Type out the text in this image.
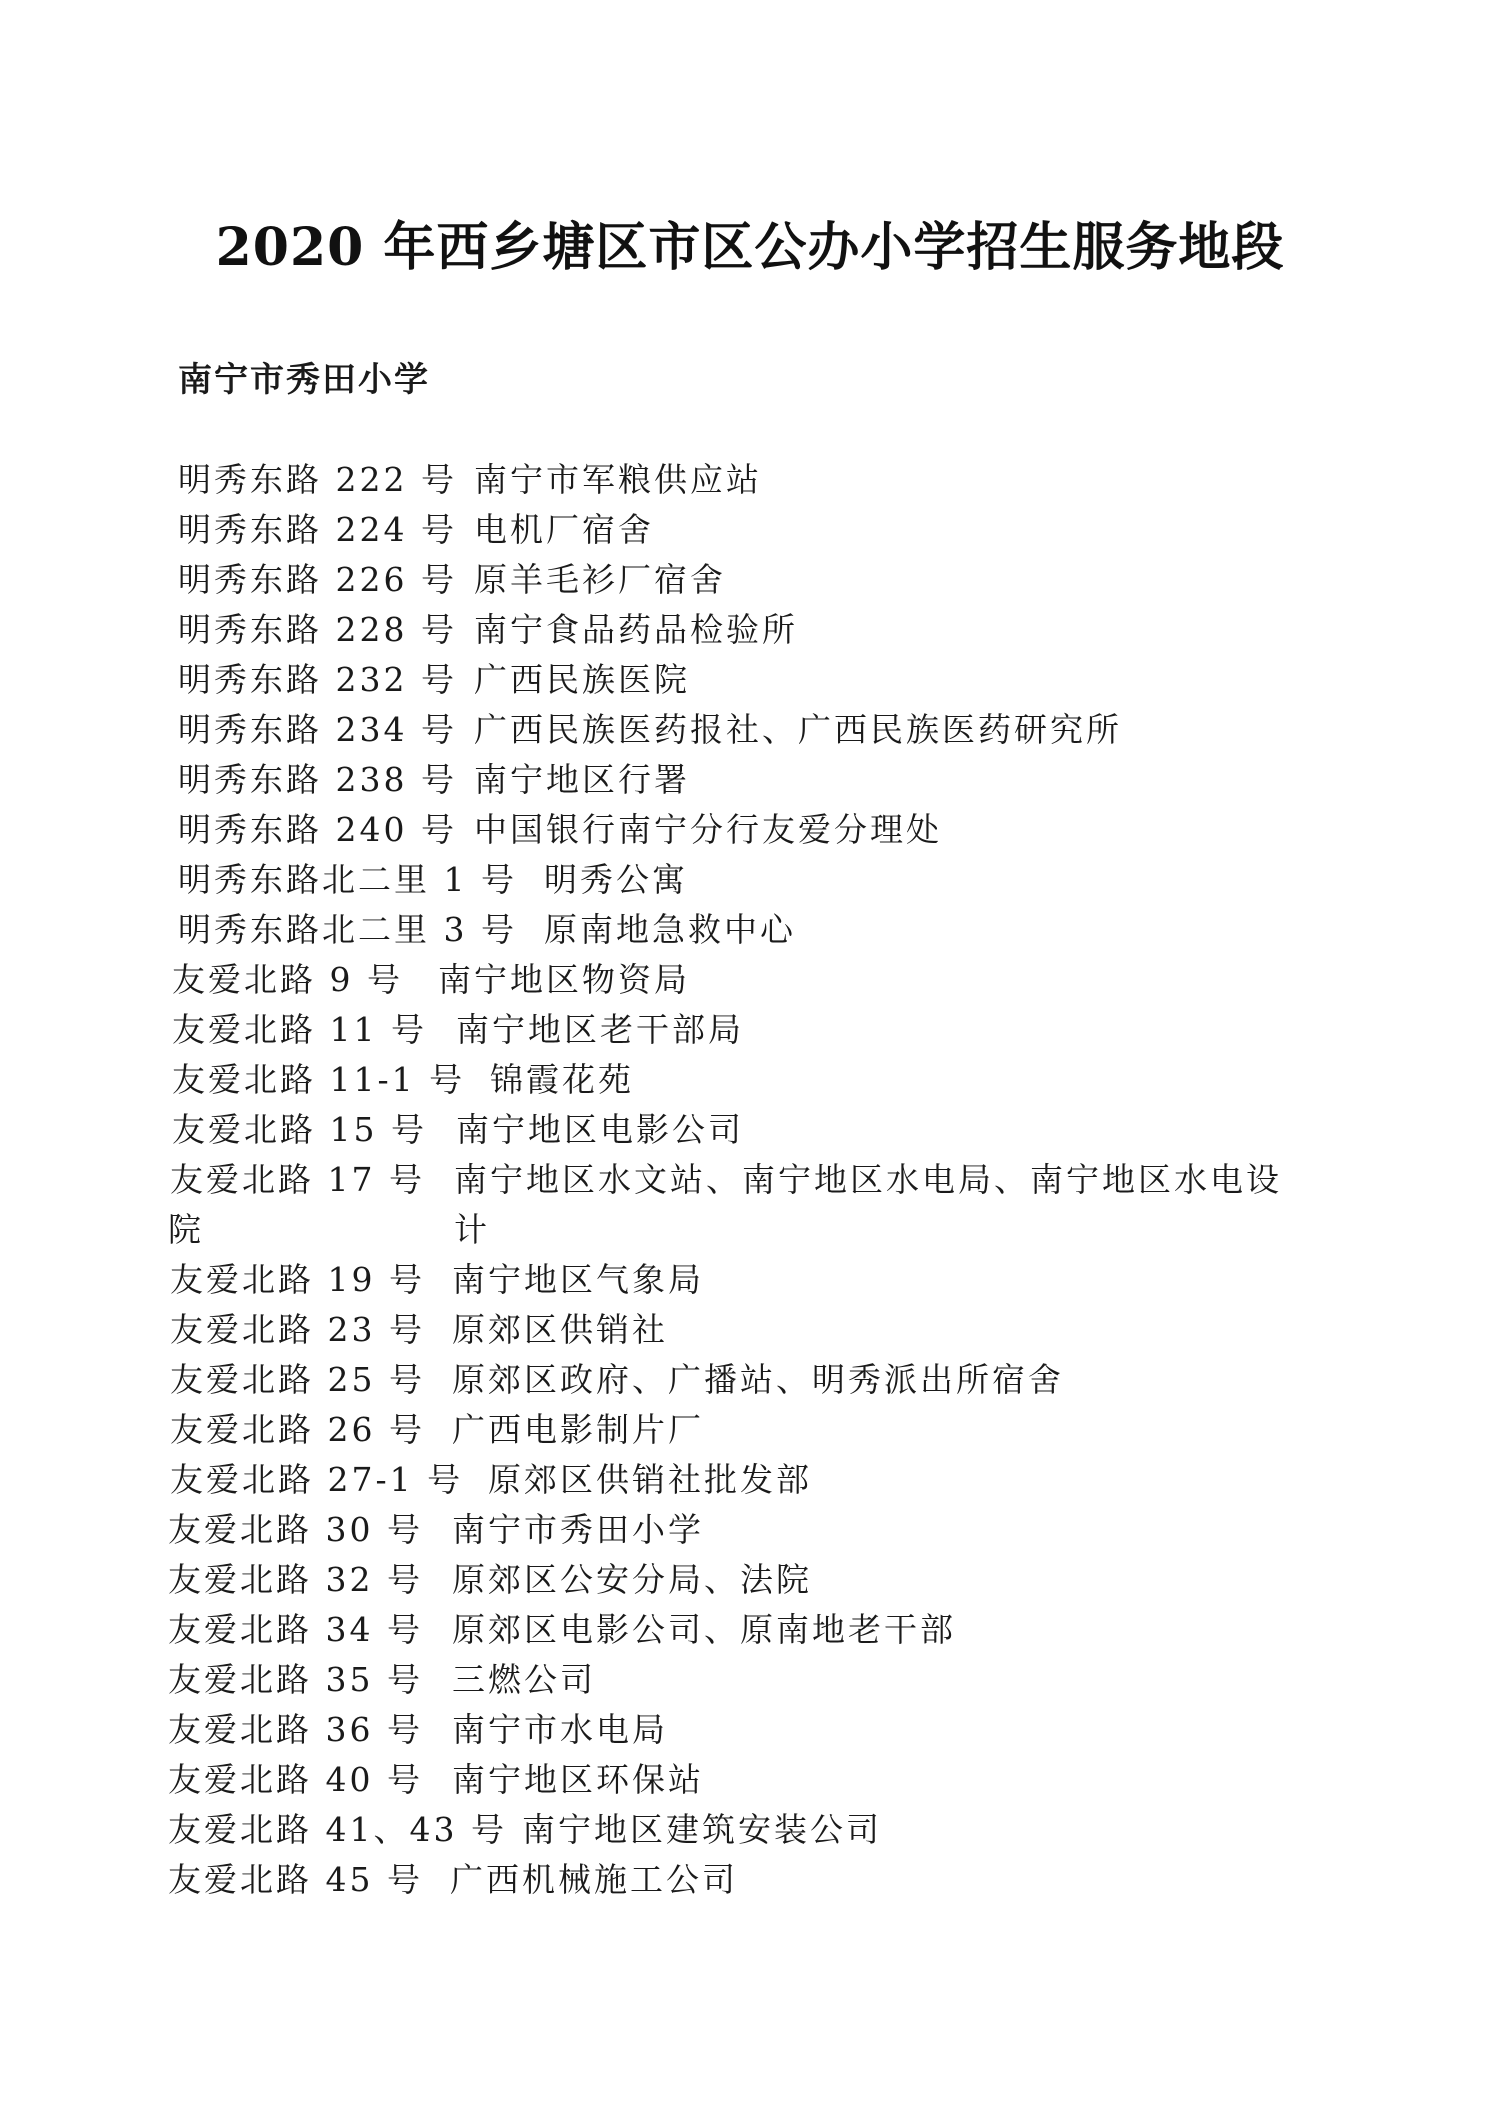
2020 年西乡塘区市区公办小学招生服务地段
南宁市秀田小学
明秀东路 222 号 南宁市军粮供应站
明秀东路 224 号 电机厂宿舍
明秀东路 226 号 原羊毛衫厂宿舍
明秀东路 228 号 南宁食品药品检验所
明秀东路 232 号 广西民族医院
明秀东路 234 号 广西民族医药报社、广西民族医药研究所
明秀东路 238 号 南宁地区行署
明秀东路 240 号 中国银行南宁分行友爱分理处
明秀东路北二里 1 号 明秀公寓
明秀东路北二里 3 号 原南地急救中心
友爱北路 9 号 南宁地区物资局
友爱北路 11 号 南宁地区老干部局
友爱北路 11-1 号 锦霞花苑
友爱北路 15 号 南宁地区电影公司
友爱北路 17 号 南宁地区水文站、南宁地区水电局、南宁地区水电设计
院
友爱北路 19 号 南宁地区气象局
友爱北路 23 号 原郊区供销社
友爱北路 25 号 原郊区政府、广播站、明秀派出所宿舍
友爱北路 26 号 广西电影制片厂
友爱北路 27-1 号 原郊区供销社批发部
友爱北路 30 号 南宁市秀田小学
友爱北路 32 号 原郊区公安分局、法院
友爱北路 34 号 原郊区电影公司、原南地老干部
友爱北路 35 号 三燃公司
友爱北路 36 号 南宁市水电局
友爱北路 40 号 南宁地区环保站
友爱北路 41、43 号 南宁地区建筑安装公司
友爱北路 45 号 广西机械施工公司
